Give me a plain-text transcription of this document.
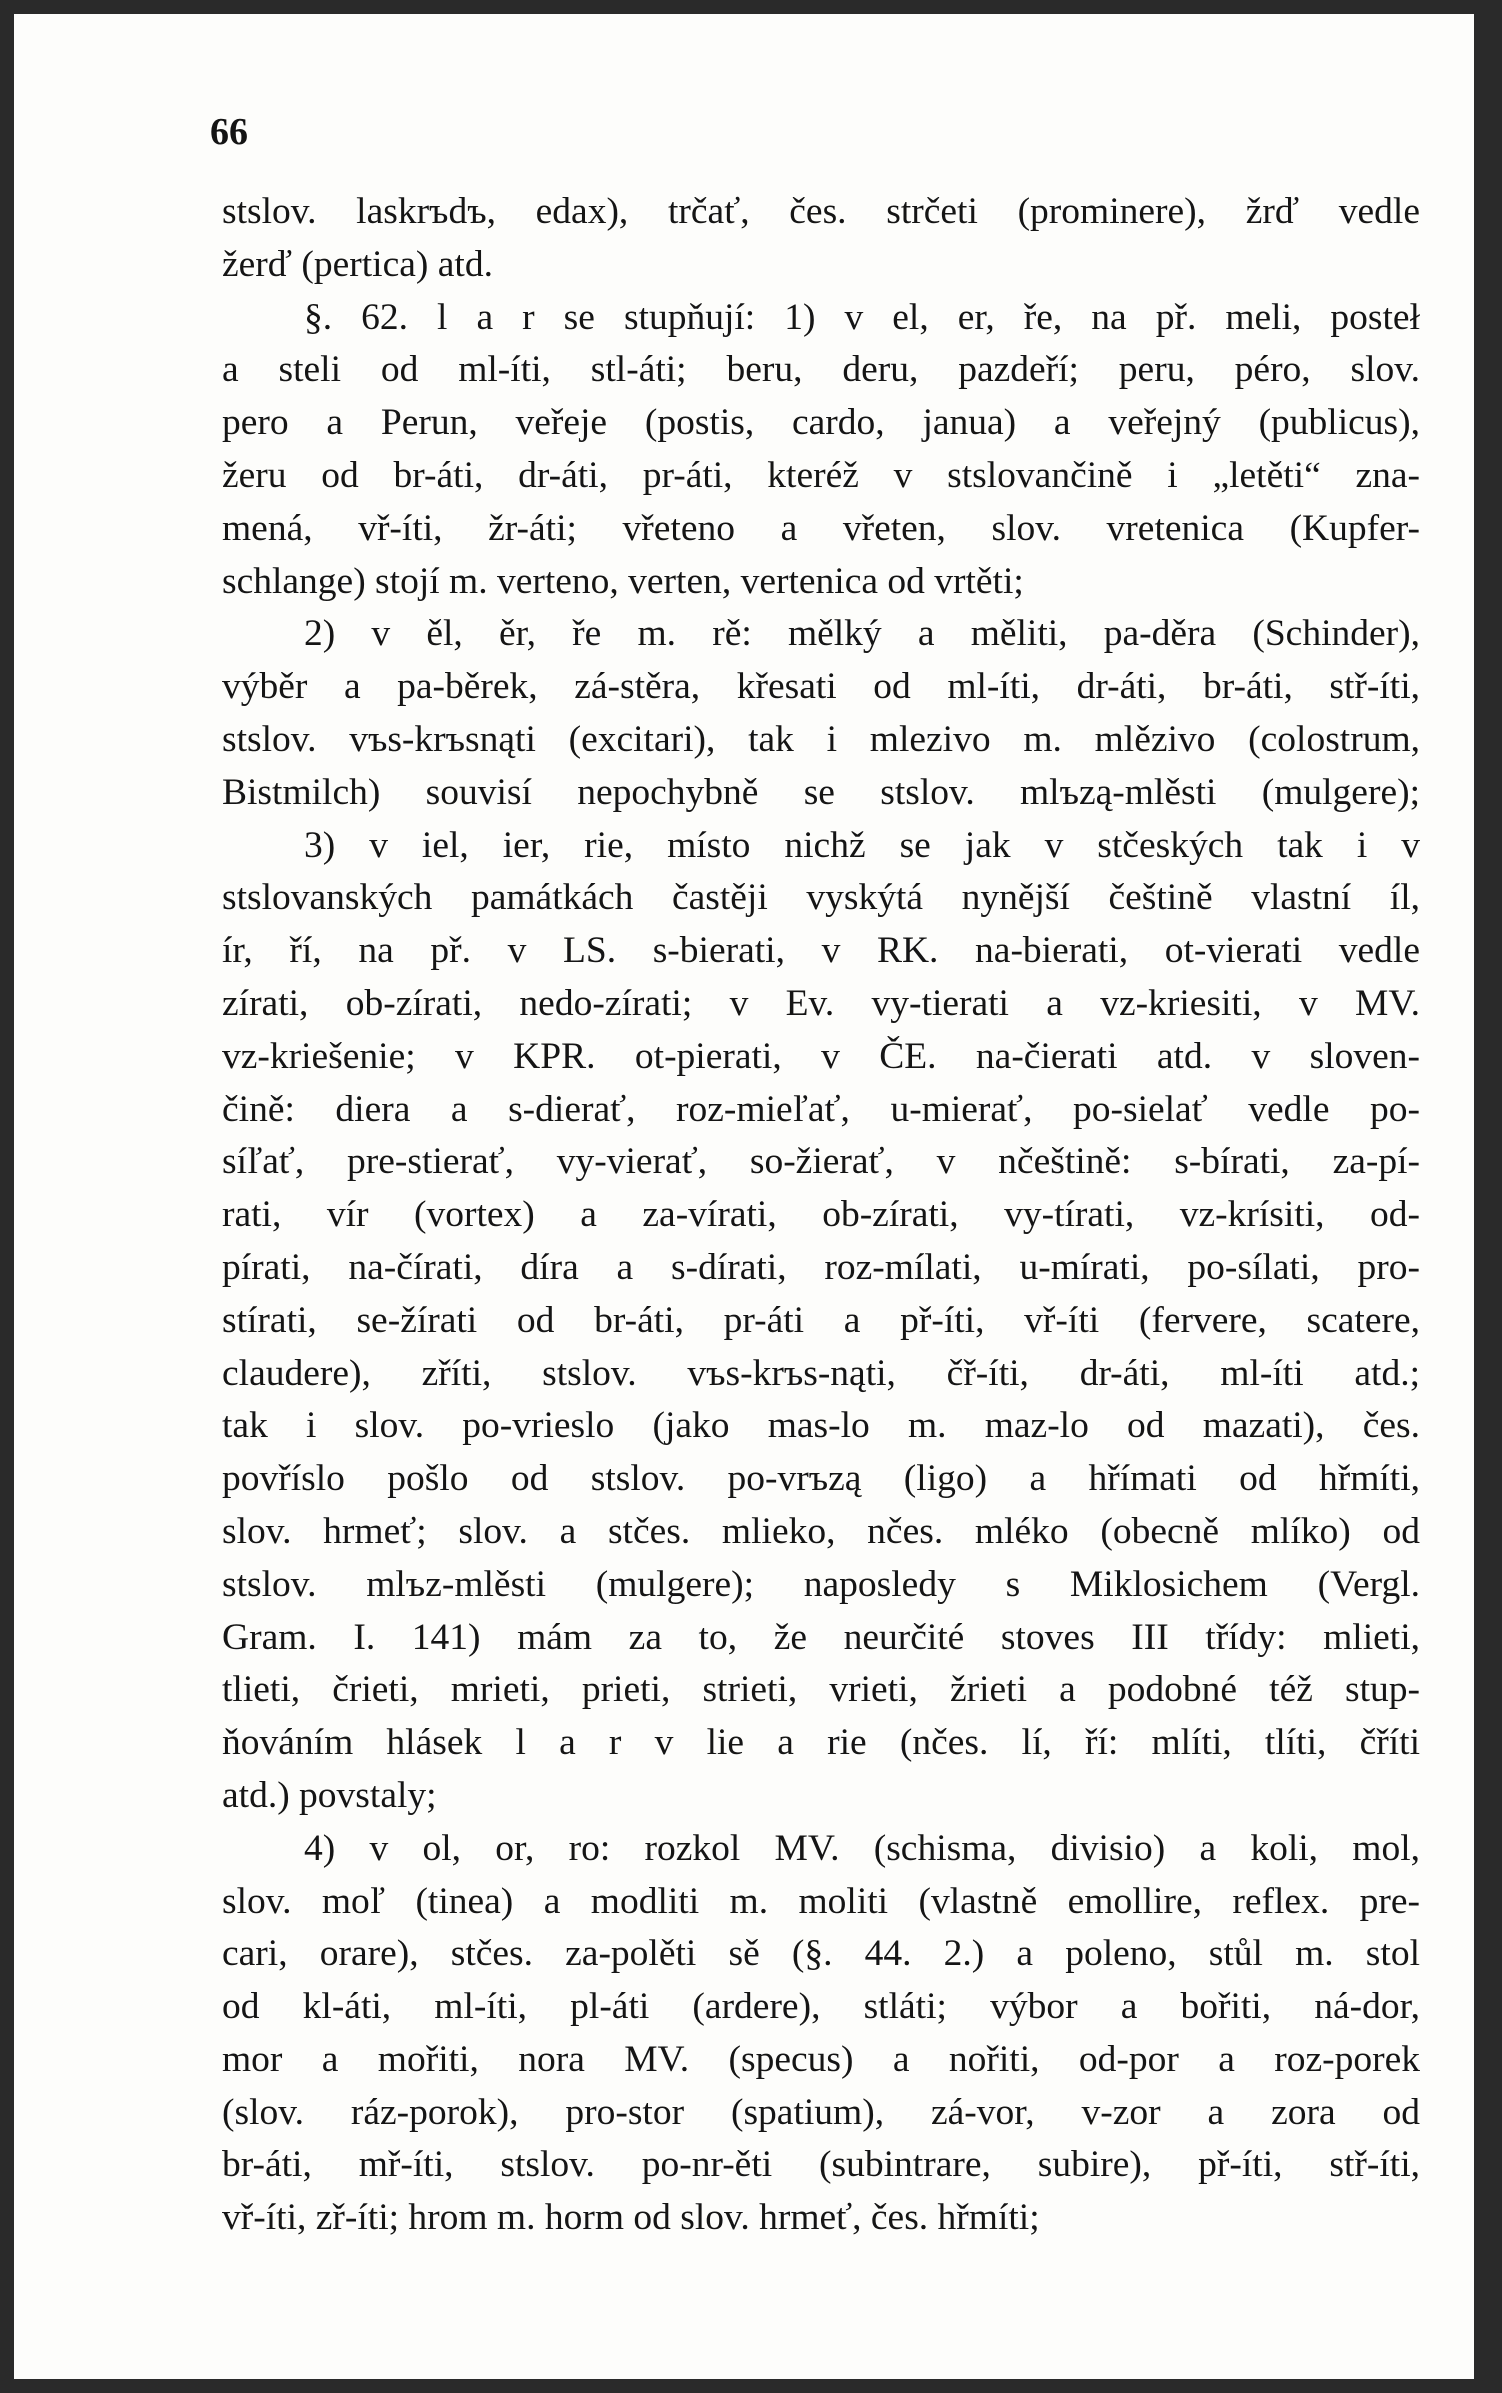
66
stslov. laskrъdъ, edax), trčať, čes. strčeti (prominere), žrď vedle
žerď (pertica) atd.
§. 62. l a r se stupňují: 1) v el, er, ře, na př. meli, posteł
a steli od ml-íti, stl-áti; beru, deru, pazdeří; peru, péro, slov.
pero a Perun, veřeje (postis, cardo, janua) a veřejný (publicus),
žeru od br-áti, dr-áti, pr-áti, kteréž v stslovančině i „letěti“ zna-
mená, vř-íti, žr-áti; vřeteno a vřeten, slov. vretenica (Kupfer-
schlange) stojí m. verteno, verten, vertenica od vrtěti;
2) v ěl, ěr, ře m. rě: mělký a měliti, pa-děra (Schinder),
výběr a pa-běrek, zá-stěra, křesati od ml-íti, dr-áti, br-áti, stř-íti,
stslov. vъs-krъsnąti (excitari), tak i mlezivo m. mlězivo (colostrum,
Bistmilch) souvisí nepochybně se stslov. mlъzą-mlěsti (mulgere);
3) v iel, ier, rie, místo nichž se jak v stčeských tak i v
stslovanských památkách častěji vyskýtá nynější češtině vlastní íl,
ír, ří, na př. v LS. s-bierati, v RK. na-bierati, ot-vierati vedle
zírati, ob-zírati, nedo-zírati; v Ev. vy-tierati a vz-kriesiti, v MV.
vz-kriešenie; v KPR. ot-pierati, v ČE. na-čierati atd. v sloven-
čině: diera a s-dierať, roz-mieľať, u-mierať, po-sielať vedle po-
síľať, pre-stierať, vy-vierať, so-žierať, v nčeštině: s-bírati, za-pí-
rati, vír (vortex) a za-vírati, ob-zírati, vy-tírati, vz-krísiti, od-
pírati, na-čírati, díra a s-dírati, roz-mílati, u-mírati, po-sílati, pro-
stírati, se-žírati od br-áti, pr-áti a př-íti, vř-íti (fervere, scatere,
claudere), zříti, stslov. vъs-krъs-nąti, čř-íti, dr-áti, ml-íti atd.;
tak i slov. po-vrieslo (jako mas-lo m. maz-lo od mazati), čes.
povříslo pošlo od stslov. po-vrъzą (ligo) a hřímati od hřmíti,
slov. hrmeť; slov. a stčes. mlieko, nčes. mléko (obecně mlíko) od
stslov. mlъz-mlěsti (mulgere); naposledy s Miklosichem (Vergl.
Gram. I. 141) mám za to, že neurčité stoves III třídy: mlieti,
tlieti, črieti, mrieti, prieti, strieti, vrieti, žrieti a podobné též stup-
ňováním hlásek l a r v lie a rie (nčes. lí, ří: mlíti, tlíti, čříti
atd.) povstaly;
4) v ol, or, ro: rozkol MV. (schisma, divisio) a koli, mol,
slov. moľ (tinea) a modliti m. moliti (vlastně emollire, reflex. pre-
cari, orare), stčes. za-polěti sě (§. 44. 2.) a poleno, stůl m. stol
od kl-áti, ml-íti, pl-áti (ardere), stláti; výbor a bořiti, ná-dor,
mor a mořiti, nora MV. (specus) a nořiti, od-por a roz-porek
(slov. ráz-porok), pro-stor (spatium), zá-vor, v-zor a zora od
br-áti, mř-íti, stslov. po-nr-ěti (subintrare, subire), př-íti, stř-íti,
vř-íti, zř-íti; hrom m. horm od slov. hrmeť, čes. hřmíti;
